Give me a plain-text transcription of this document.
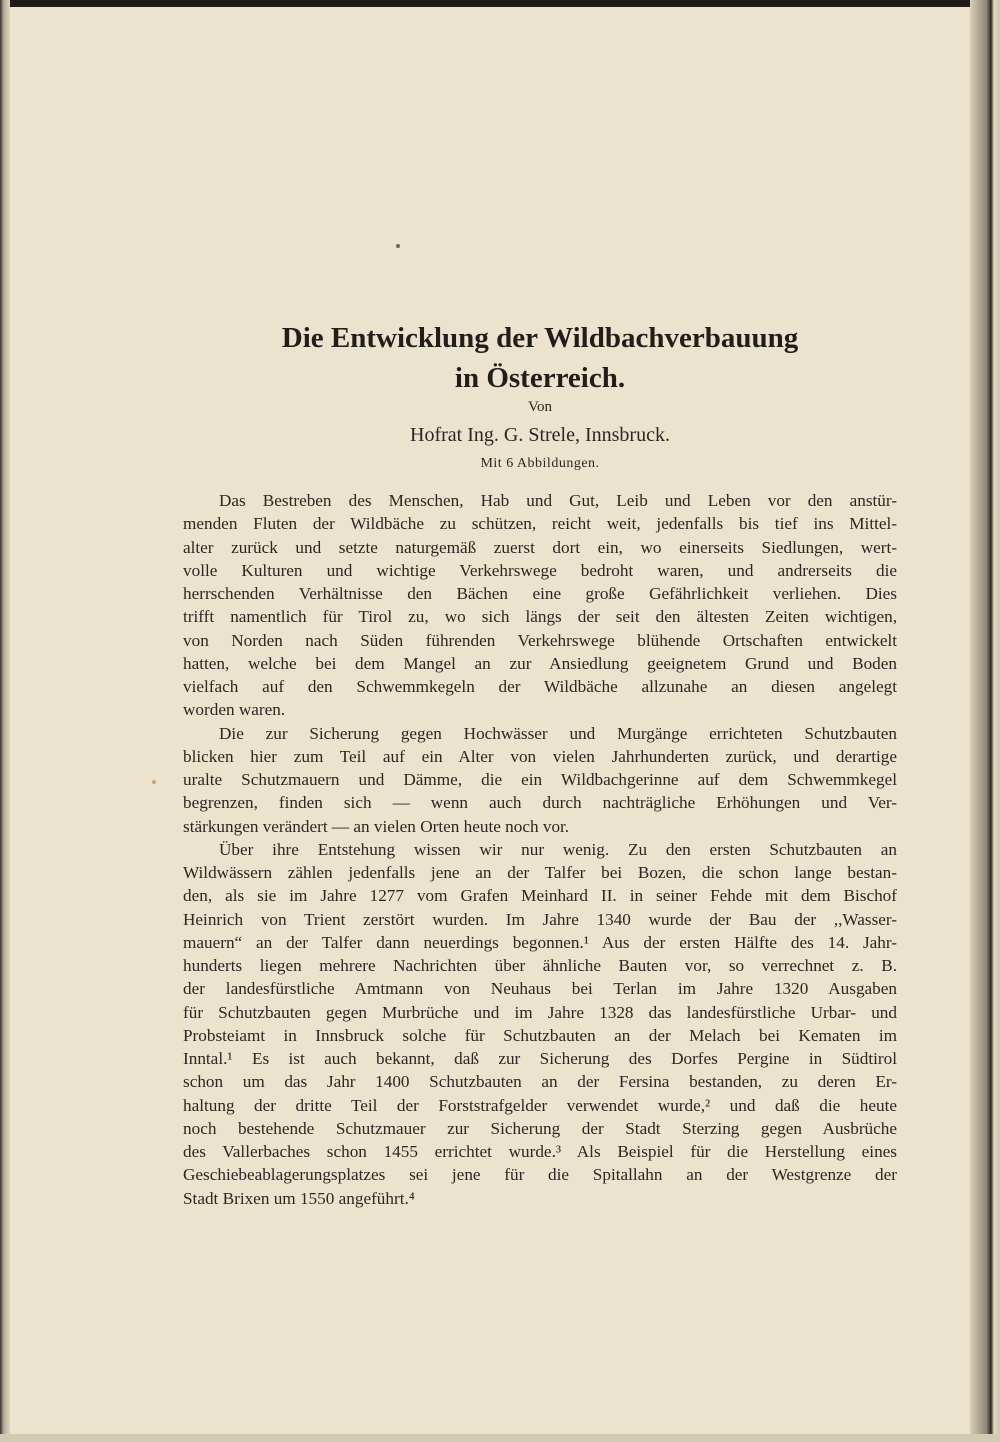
Die Entwicklung der Wildbachverbauung
in Österreich.
Von
Hofrat Ing. G. Strele, Innsbruck.
Mit 6 Abbildungen.
Das Bestreben des Menschen, Hab und Gut, Leib und Leben vor den anstür-
menden Fluten der Wildbäche zu schützen, reicht weit, jedenfalls bis tief ins Mittel-
alter zurück und setzte naturgemäß zuerst dort ein, wo einerseits Siedlungen, wert-
volle Kulturen und wichtige Verkehrswege bedroht waren, und andrerseits die
herrschenden Verhältnisse den Bächen eine große Gefährlichkeit verliehen. Dies
trifft namentlich für Tirol zu, wo sich längs der seit den ältesten Zeiten wichtigen,
von Norden nach Süden führenden Verkehrswege blühende Ortschaften entwickelt
hatten, welche bei dem Mangel an zur Ansiedlung geeignetem Grund und Boden
vielfach auf den Schwemmkegeln der Wildbäche allzunahe an diesen angelegt
worden waren.
Die zur Sicherung gegen Hochwässer und Murgänge errichteten Schutzbauten
blicken hier zum Teil auf ein Alter von vielen Jahrhunderten zurück, und derartige
uralte Schutzmauern und Dämme, die ein Wildbachgerinne auf dem Schwemmkegel
begrenzen, finden sich — wenn auch durch nachträgliche Erhöhungen und Ver-
stärkungen verändert — an vielen Orten heute noch vor.
Über ihre Entstehung wissen wir nur wenig. Zu den ersten Schutzbauten an
Wildwässern zählen jedenfalls jene an der Talfer bei Bozen, die schon lange bestan-
den, als sie im Jahre 1277 vom Grafen Meinhard II. in seiner Fehde mit dem Bischof
Heinrich von Trient zerstört wurden. Im Jahre 1340 wurde der Bau der ,,Wasser-
mauern“ an der Talfer dann neuerdings begonnen.¹ Aus der ersten Hälfte des 14. Jahr-
hunderts liegen mehrere Nachrichten über ähnliche Bauten vor, so verrechnet z. B.
der landesfürstliche Amtmann von Neuhaus bei Terlan im Jahre 1320 Ausgaben
für Schutzbauten gegen Murbrüche und im Jahre 1328 das landesfürstliche Urbar- und
Probsteiamt in Innsbruck solche für Schutzbauten an der Melach bei Kematen im
Inntal.¹ Es ist auch bekannt, daß zur Sicherung des Dorfes Pergine in Südtirol
schon um das Jahr 1400 Schutzbauten an der Fersina bestanden, zu deren Er-
haltung der dritte Teil der Forststrafgelder verwendet wurde,² und daß die heute
noch bestehende Schutzmauer zur Sicherung der Stadt Sterzing gegen Ausbrüche
des Vallerbaches schon 1455 errichtet wurde.³ Als Beispiel für die Herstellung eines
Geschiebeablagerungsplatzes sei jene für die Spitallahn an der Westgrenze der
Stadt Brixen um 1550 angeführt.⁴
